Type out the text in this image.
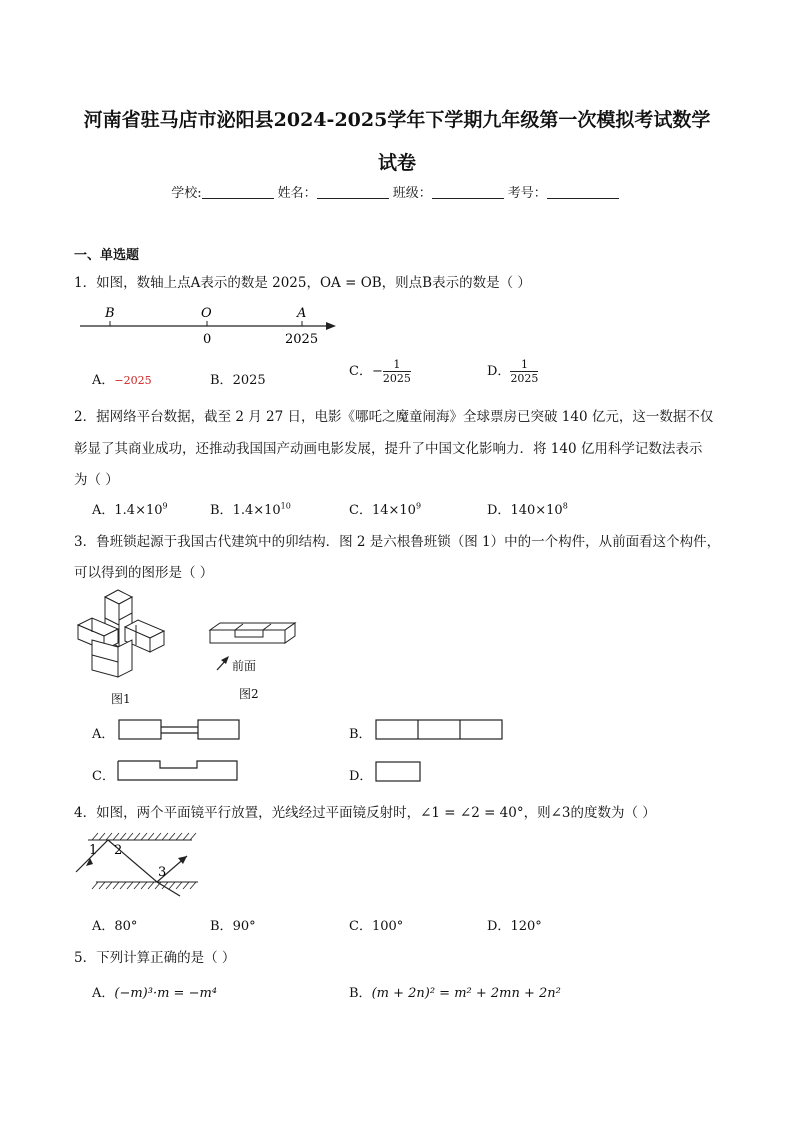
河南省驻马店市泌阳县2024-2025学年下学期九年级第一次模拟考试数学
试卷
学校:	姓名：	班级：	考号：
一、单选题
1．如图，数轴上点A表示的数是 2025，OA = OB，则点B表示的数是（ ）
B	O	A
0	2025
A．−2025	B．2025
C．− $\frac{1}{2025}$	D． $\frac{1}{2025}$
2．据网络平台数据，截至 2 月 27 日，电影《哪吒之魔童闹海》全球票房已突破 140 亿元，这一数据不仅
彰显了其商业成功，还推动我国国产动画电影发展，提升了中国文化影响力．将 140 亿用科学记数法表示
为（ ）
A．$1.4\times 10^9$	B．$1.4\times 10^{10}$	C．$14\times 10^9$	D．$140\times 10^8$
3．鲁班锁起源于我国古代建筑中的卯结构．图 2 是六根鲁班锁（图 1）中的一个构件，从前面看这个构件，
可以得到的图形是（ ）
图1
前面
图2
A．	B．
C．	D．
4．如图，两个平面镜平行放置，光线经过平面镜反射时，∠1 = ∠2 = 40°，则∠3的度数为（ ）
1 2
3
A．80°	B．90°	C．100°	D．120°
5．下列计算正确的是（ ）
A．(−m)³·m = −m⁴	B．(m + 2n)² = m² + 2mn + 2n²
